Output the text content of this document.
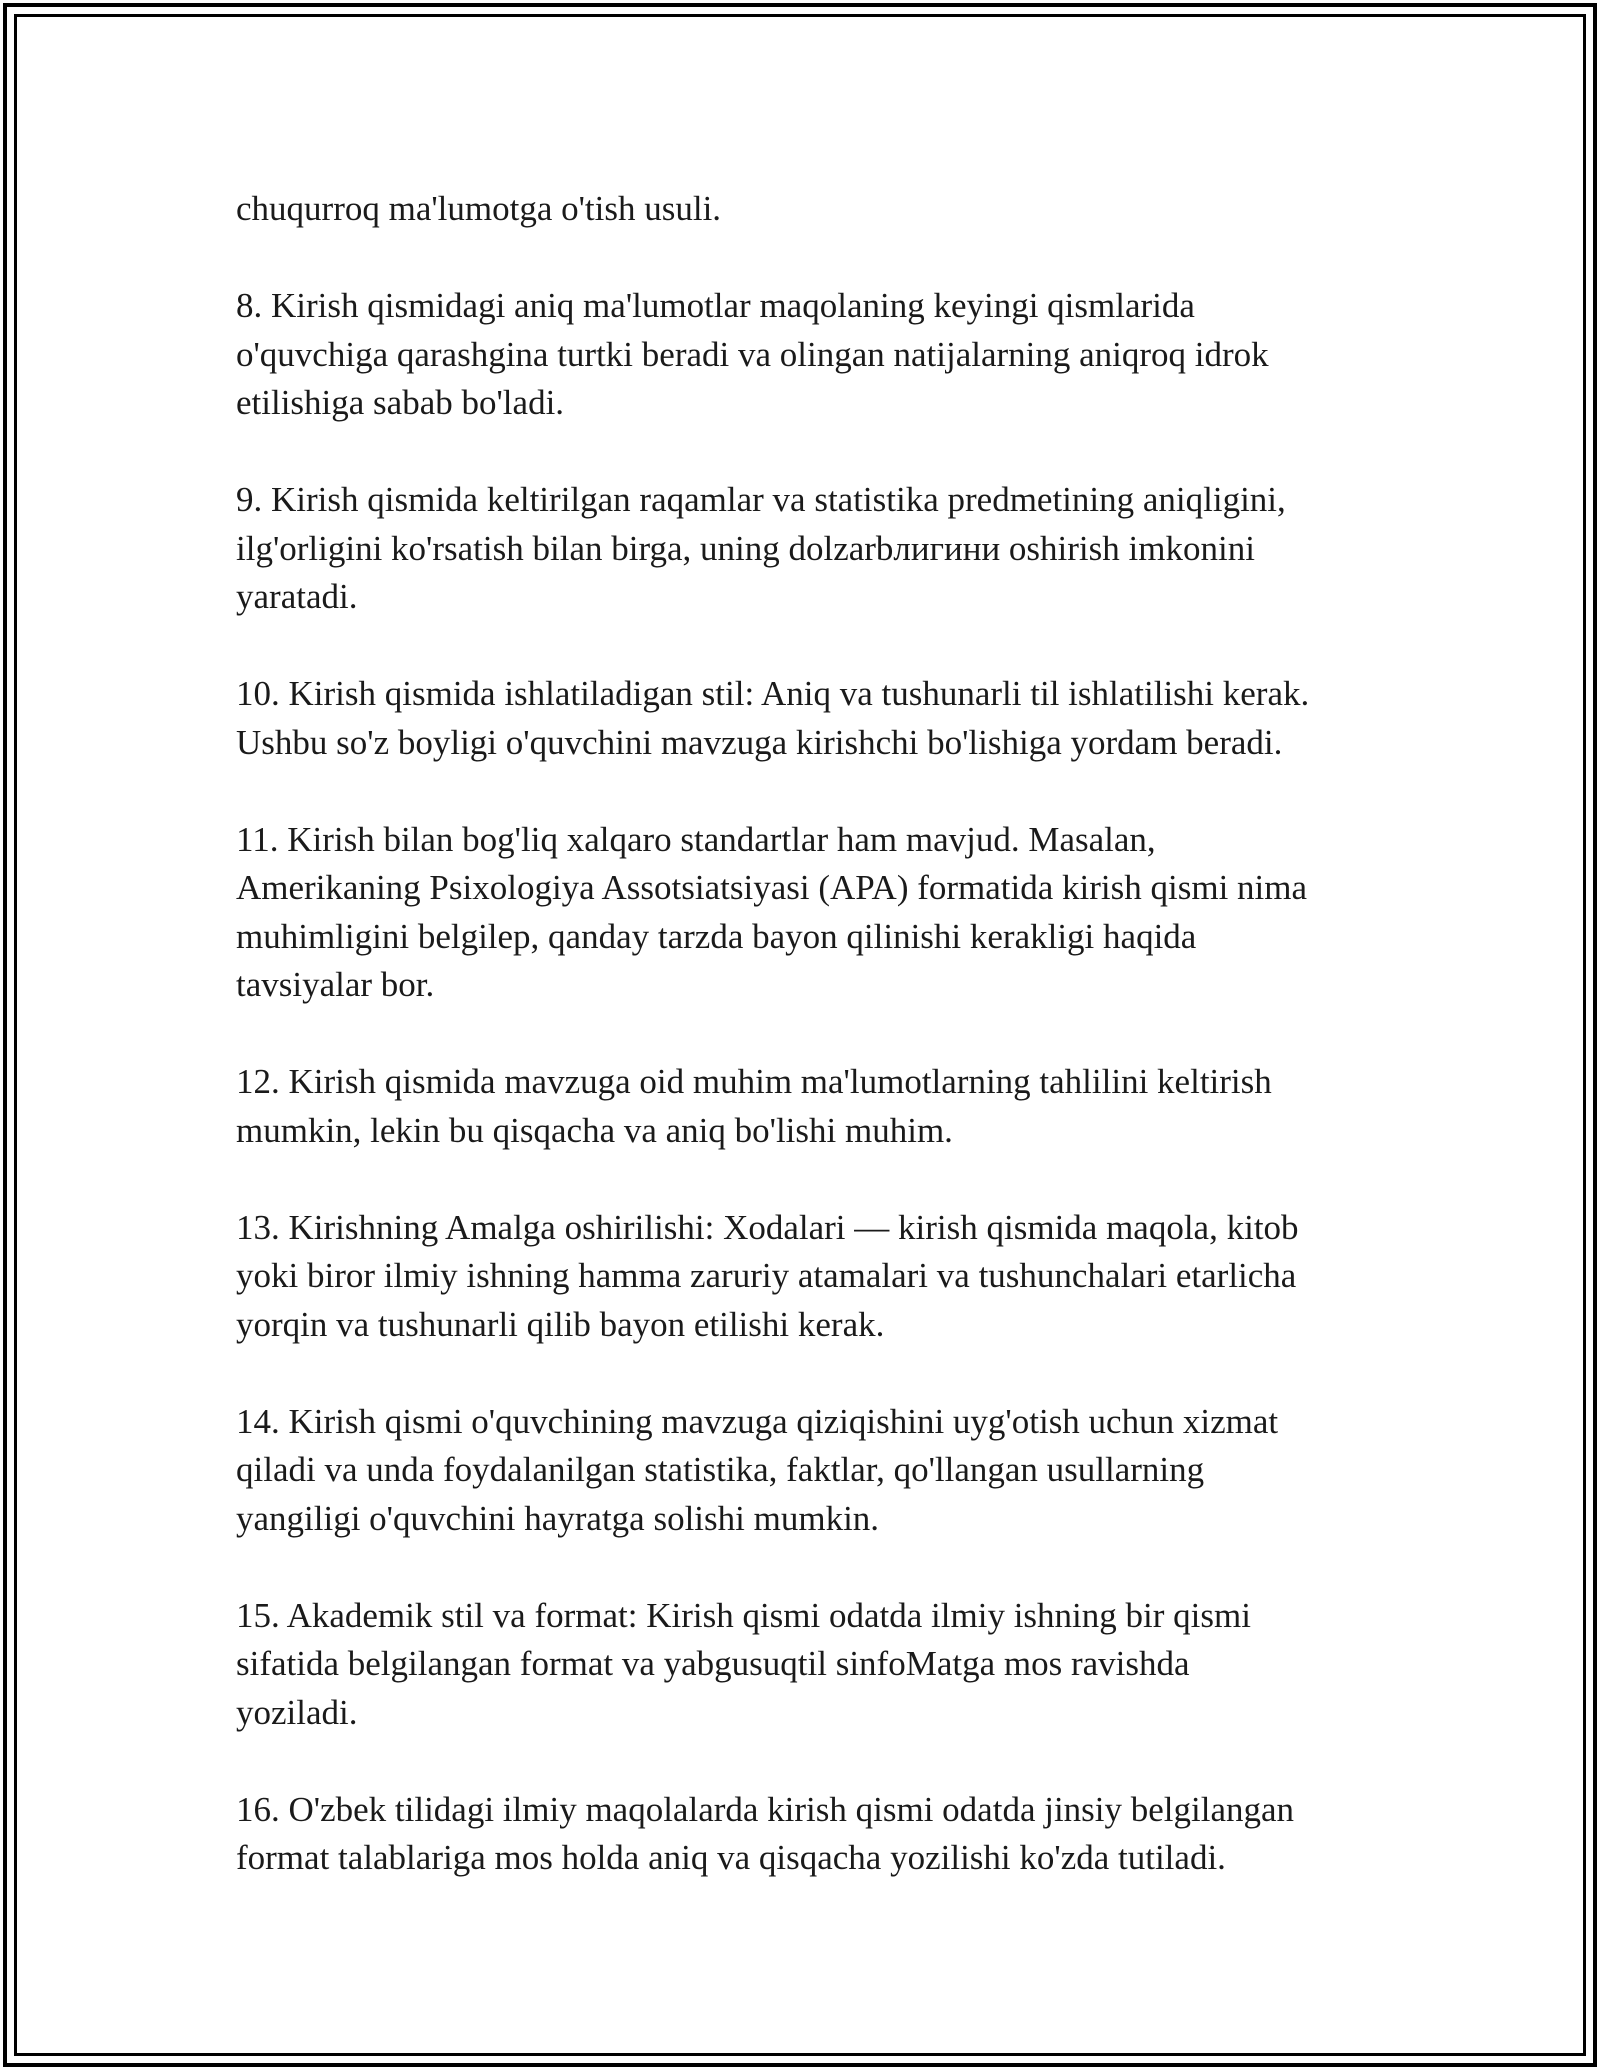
chuqurroq ma'lumotga o'tish usuli.

8. Kirish qismidagi aniq ma'lumotlar maqolaning keyingi qismlarida
o'quvchiga qarashgina turtki beradi va olingan natijalarning aniqroq idrok
etilishiga sabab bo'ladi.

9. Kirish qismida keltirilgan raqamlar va statistika predmetining aniqligini,
ilg'orligini ko'rsatish bilan birga, uning dolzarbлигини oshirish imkonini
yaratadi.

10. Kirish qismida ishlatiladigan stil: Aniq va tushunarli til ishlatilishi kerak.
Ushbu so'z boyligi o'quvchini mavzuga kirishchi bo'lishiga yordam beradi.

11. Kirish bilan bog'liq xalqaro standartlar ham mavjud. Masalan,
Amerikaning Psixologiya Assotsiatsiyasi (APA) formatida kirish qismi nima
muhimligini belgilep, qanday tarzda bayon qilinishi kerakligi haqida
tavsiyalar bor.

12. Kirish qismida mavzuga oid muhim ma'lumotlarning tahlilini keltirish
mumkin, lekin bu qisqacha va aniq bo'lishi muhim.

13. Kirishning Amalga oshirilishi: Xodalari — kirish qismida maqola, kitob
yoki biror ilmiy ishning hamma zaruriy atamalari va tushunchalari etarlicha
yorqin va tushunarli qilib bayon etilishi kerak.

14. Kirish qismi o'quvchining mavzuga qiziqishini uyg'otish uchun xizmat
qiladi va unda foydalanilgan statistika, faktlar, qo'llangan usullarning
yangiligi o'quvchini hayratga solishi mumkin.

15. Akademik stil va format: Kirish qismi odatda ilmiy ishning bir qismi
sifatida belgilangan format va yabgusuqtil sinfoMatga mos ravishda
yoziladi.

16. O'zbek tilidagi ilmiy maqolalarda kirish qismi odatda jinsiy belgilangan
format talablariga mos holda aniq va qisqacha yozilishi ko'zda tutiladi.
